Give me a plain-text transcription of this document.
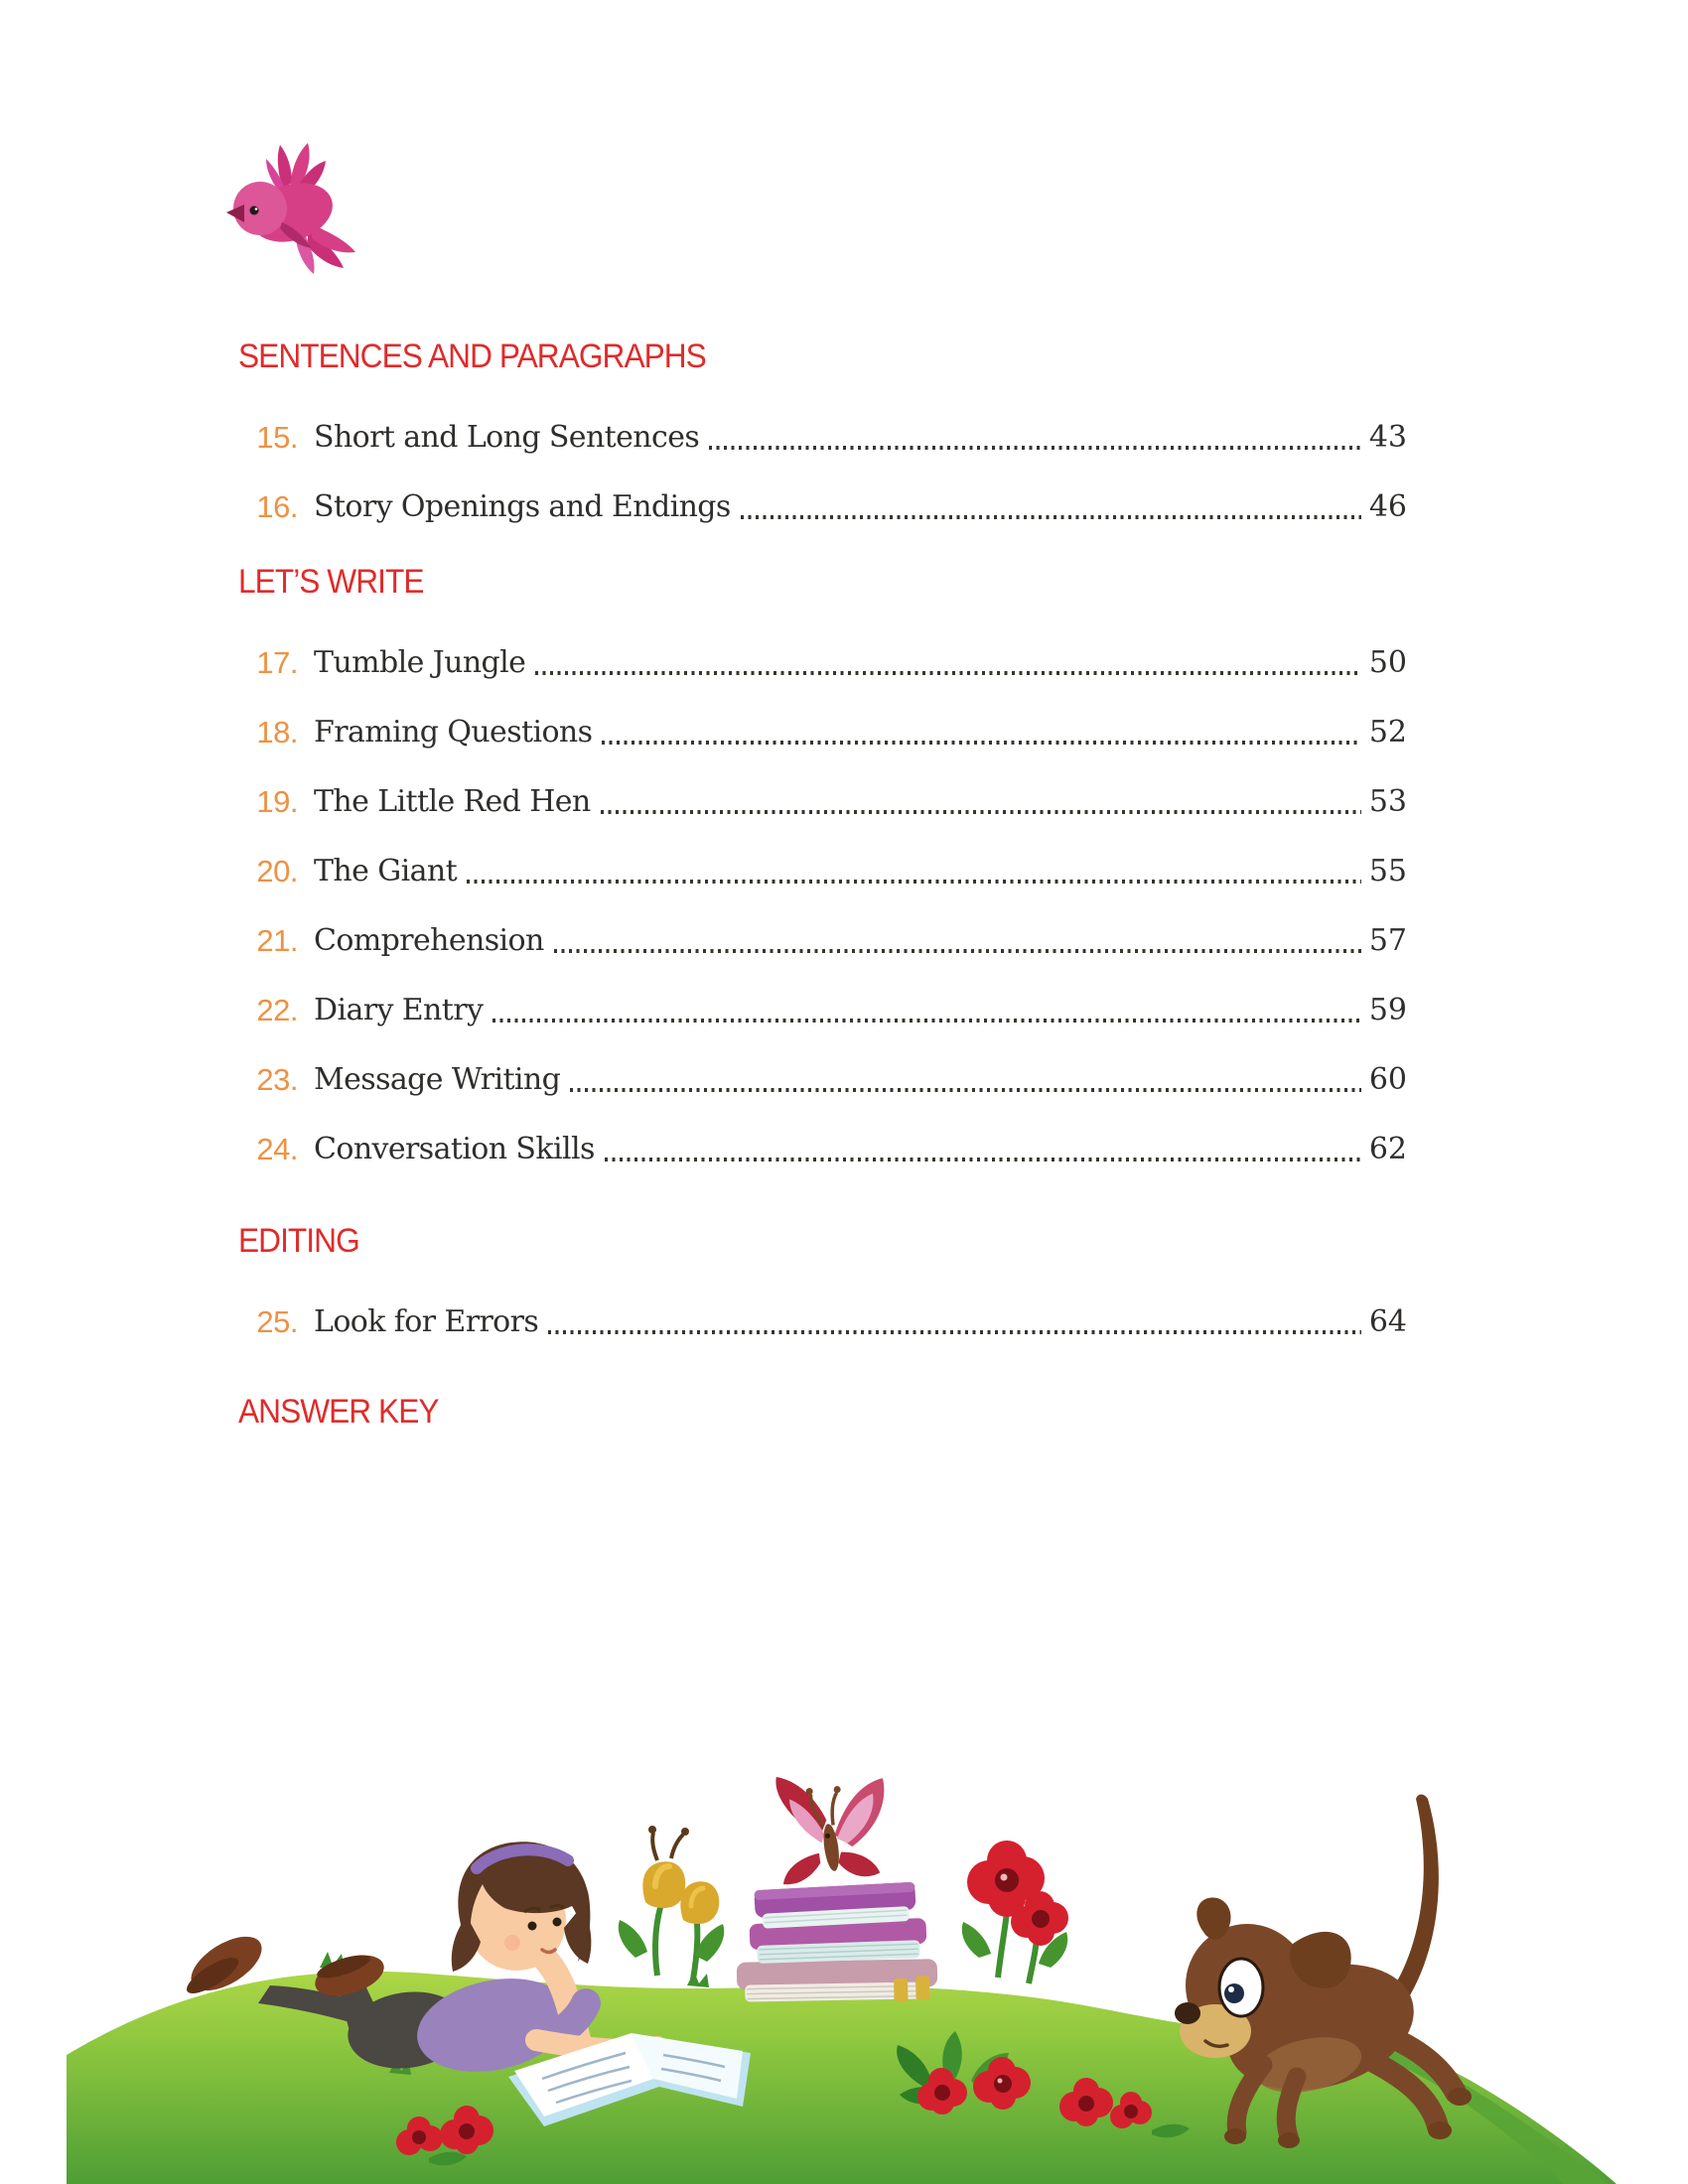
SENTENCES AND PARAGRAPHS
15. Short and Long Sentences	43
16. Story Openings and Endings	46
LET’S WRITE
17. Tumble Jungle	50
18. Framing Questions	52
19. The Little Red Hen	53
20. The Giant	55
21. Comprehension	57
22. Diary Entry	59
23. Message Writing	60
24. Conversation Skills	62
EDITING
25. Look for Errors	64
ANSWER KEY
